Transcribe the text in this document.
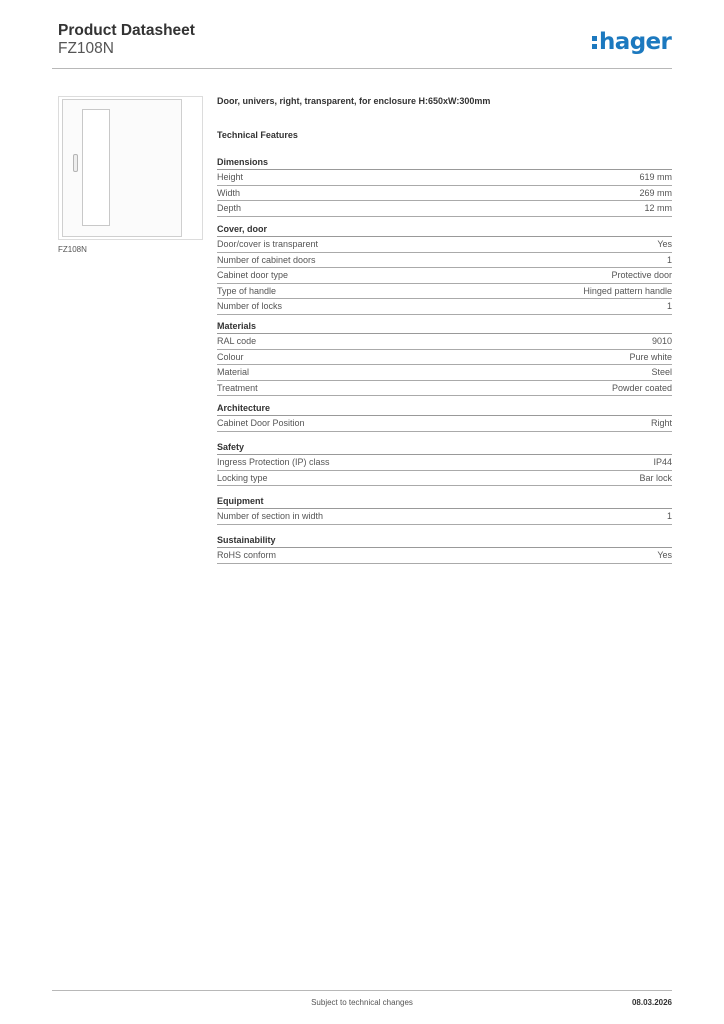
Product Datasheet
FZ108N	hager
FZ108N
Door, univers, right, transparent, for enclosure H:650xW:300mm
Technical Features
Dimensions
Height	619 mm
Width	269 mm
Depth	12 mm
Cover, door
Door/cover is transparent	Yes
Number of cabinet doors	1
Cabinet door type	Protective door
Type of handle	Hinged pattern handle
Number of locks	1
Materials
RAL code	9010
Colour	Pure white
Material	Steel
Treatment	Powder coated
Architecture
Cabinet Door Position	Right
Safety
Ingress Protection (IP) class	IP44
Locking type	Bar lock
Equipment
Number of section in width	1
Sustainability
RoHS conform	Yes
Subject to technical changes	08.03.2026
